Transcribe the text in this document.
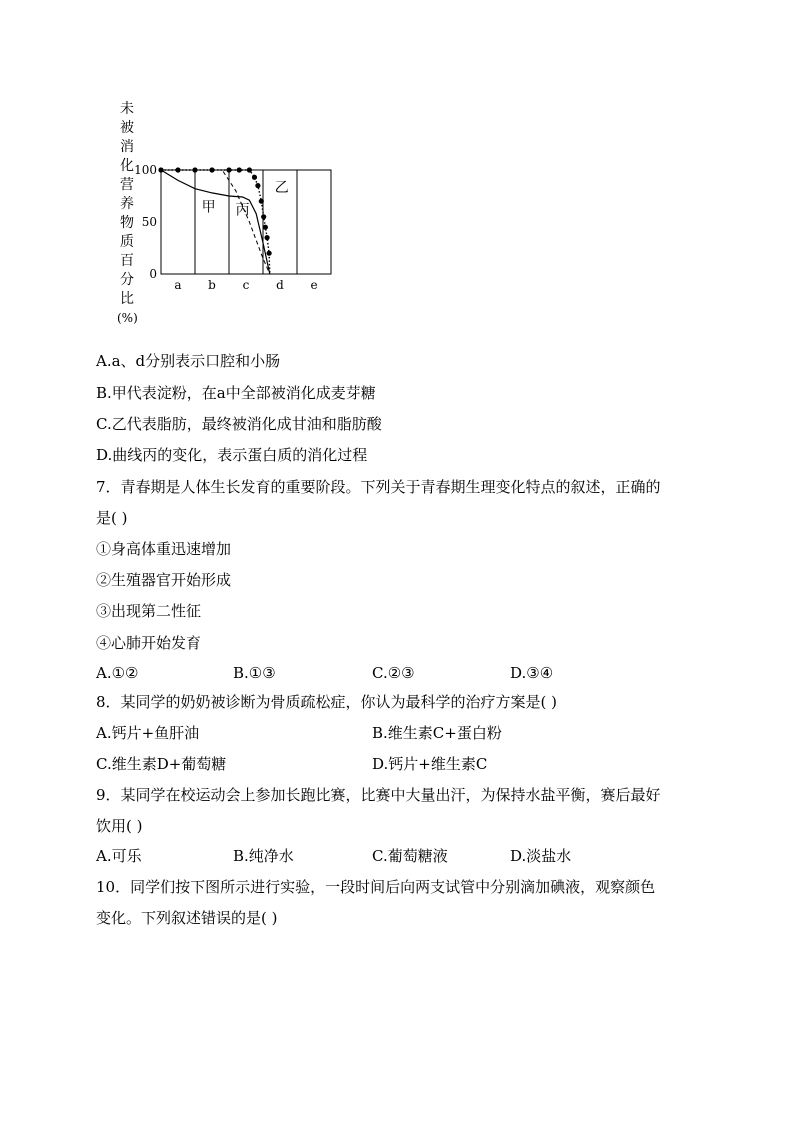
未
被
消
化
营
养
物
质
百
分
比
(%)
a b c d e
0
50
100
甲
乙
丙
A.a、d分别表示口腔和小肠
B.甲代表淀粉，在a中全部被消化成麦芽糖
C.乙代表脂肪，最终被消化成甘油和脂肪酸
D.曲线丙的变化，表示蛋白质的消化过程
7．青春期是人体生长发育的重要阶段。下列关于青春期生理变化特点的叙述，正确的
是( )
①身高体重迅速增加
②生殖器官开始形成
③出现第二性征
④心肺开始发育
A.①②	B.①③	C.②③	D.③④
8．某同学的奶奶被诊断为骨质疏松症，你认为最科学的治疗方案是( )
A.钙片+鱼肝油	B.维生素C+蛋白粉
C.维生素D+葡萄糖	D.钙片+维生素C
9．某同学在校运动会上参加长跑比赛，比赛中大量出汗，为保持水盐平衡，赛后最好
饮用( )
A.可乐	B.纯净水	C.葡萄糖液	D.淡盐水
10．同学们按下图所示进行实验，一段时间后向两支试管中分别滴加碘液，观察颜色
变化。下列叙述错误的是( )
